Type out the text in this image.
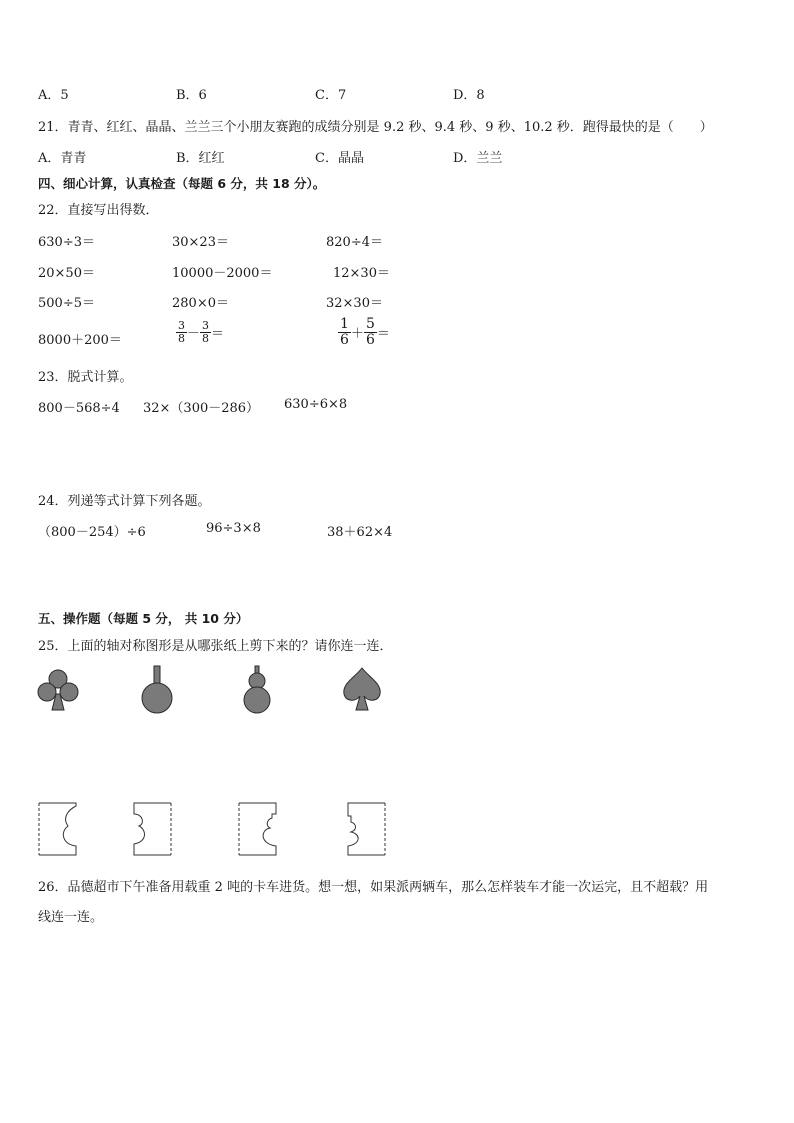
A．5	B．6	C．7	D．8
21．青青、红红、晶晶、兰兰三个小朋友赛跑的成绩分别是 9.2 秒、9.4 秒、9 秒、10.2 秒．跑得最快的是（　　）
A．青青	B．红红	C．晶晶	D．兰兰
四、细心计算，认真检查（每题 6 分，共 18 分）。
22．直接写出得数．
630÷3＝	30×23＝	820÷4＝
20×50＝	10000－2000＝	12×30＝
500÷5＝	280×0＝	32×30＝
8000＋200＝	$\frac{3}{8} - \frac{3}{8}$ ＝	$\frac{1}{6} + \frac{5}{6}$ ＝
23．脱式计算。
800－568÷4 32×（300－286） 630÷6×8
24．列递等式计算下列各题。
（800－254）÷6	96÷3×8	38＋62×4
五、操作题（每题 5 分， 共 10 分）
25．上面的轴对称图形是从哪张纸上剪下来的？请你连一连．
26．品德超市下午准备用载重 2 吨的卡车进货。想一想，如果派两辆车，那么怎样装车才能一次运完，且不超载？用
线连一连。
